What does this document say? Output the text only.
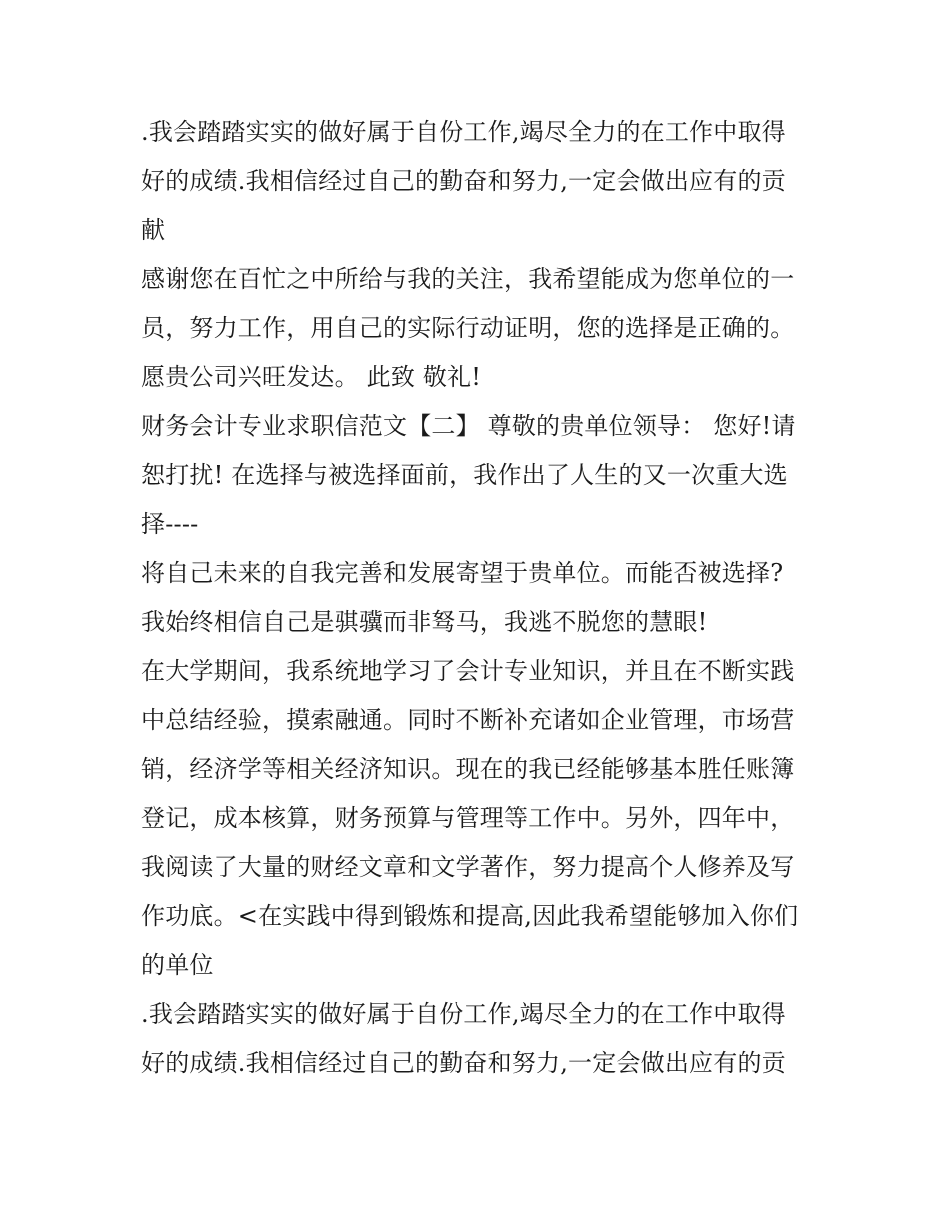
.我会踏踏实实的做好属于自份工作,竭尽全力的在工作中取得
好的成绩.我相信经过自己的勤奋和努力,一定会做出应有的贡
献
感谢您在百忙之中所给与我的关注，我希望能成为您单位的一
员，努力工作，用自己的实际行动证明，您的选择是正确的。
愿贵公司兴旺发达。 此致 敬礼!
财务会计专业求职信范文【二】 尊敬的贵单位领导： 您好!请
恕打扰! 在选择与被选择面前，我作出了人生的又一次重大选
择----
将自己未来的自我完善和发展寄望于贵单位。而能否被选择?
我始终相信自己是骐骥而非驽马，我逃不脱您的慧眼!
在大学期间，我系统地学习了会计专业知识，并且在不断实践
中总结经验，摸索融通。同时不断补充诸如企业管理，市场营
销，经济学等相关经济知识。现在的我已经能够基本胜任账簿
登记，成本核算，财务预算与管理等工作中。另外，四年中，
我阅读了大量的财经文章和文学著作，努力提高个人修养及写
作功底。<在实践中得到锻炼和提高,因此我希望能够加入你们
的单位
.我会踏踏实实的做好属于自份工作,竭尽全力的在工作中取得
好的成绩.我相信经过自己的勤奋和努力,一定会做出应有的贡
